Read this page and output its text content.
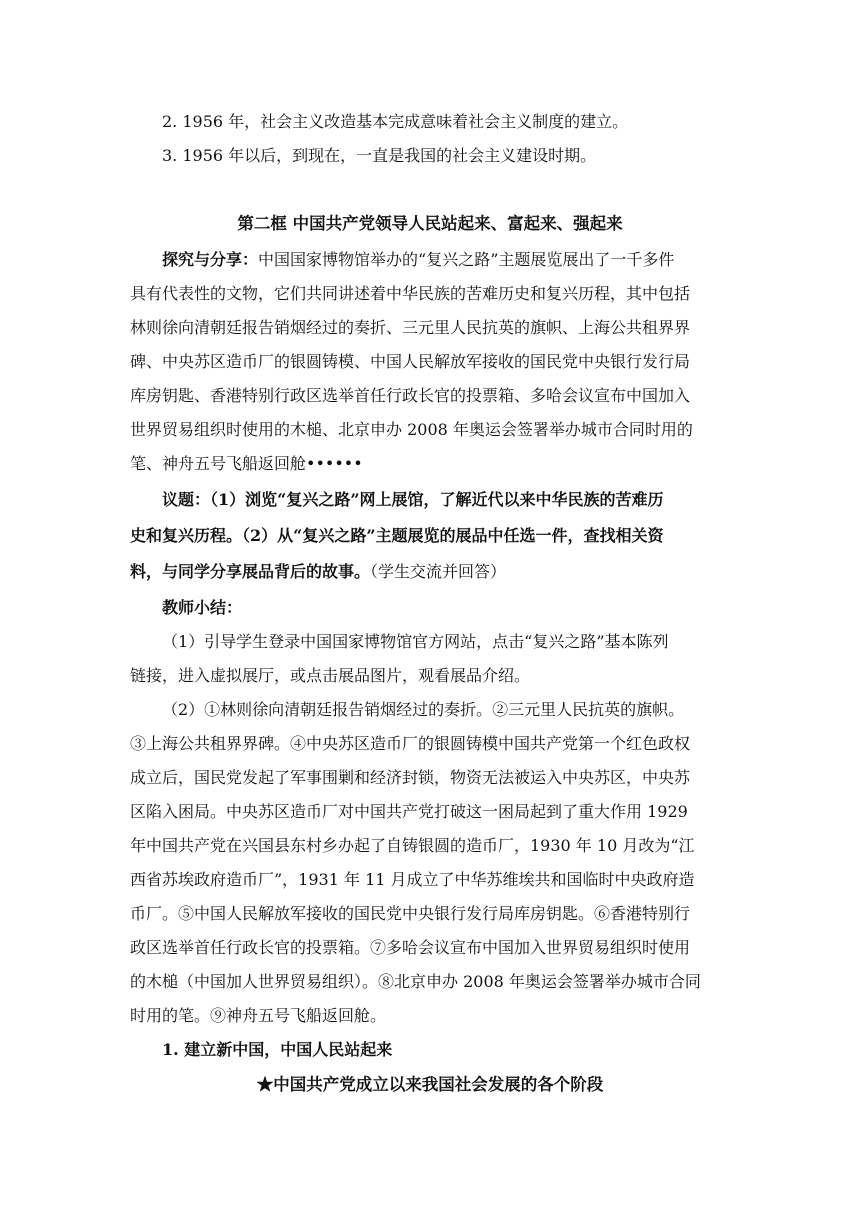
2. 1956 年，社会主义改造基本完成意味着社会主义制度的建立。
3. 1956 年以后，到现在，一直是我国的社会主义建设时期。
第二框 中国共产党领导人民站起来、富起来、强起来
探究与分享：中国国家博物馆举办的“复兴之路”主题展览展出了一千多件
具有代表性的文物，它们共同讲述着中华民族的苦难历史和复兴历程，其中包括
林则徐向清朝廷报告销烟经过的奏折、三元里人民抗英的旗帜、上海公共租界界
碑、中央苏区造币厂的银圆铸模、中国人民解放军接收的国民党中央银行发行局
库房钥匙、香港特别行政区选举首任行政长官的投票箱、多哈会议宣布中国加入
世界贸易组织时使用的木槌、北京申办 2008 年奥运会签署举办城市合同时用的
笔、神舟五号飞船返回舱••••••
议题：（1）浏览“复兴之路”网上展馆，了解近代以来中华民族的苦难历
史和复兴历程。（2）从“复兴之路”主题展览的展品中任选一件，查找相关资
料，与同学分享展品背后的故事。（学生交流并回答）
教师小结：
（1）引导学生登录中国国家博物馆官方网站，点击“复兴之路”基本陈列
链接，进入虚拟展厅，或点击展品图片，观看展品介绍。
（2）①林则徐向清朝廷报告销烟经过的奏折。②三元里人民抗英的旗帜。
③上海公共租界界碑。④中央苏区造币厂的银圆铸模中国共产党第一个红色政权
成立后，国民党发起了军事围剿和经济封锁，物资无法被运入中央苏区，中央苏
区陷入困局。中央苏区造币厂对中国共产党打破这一困局起到了重大作用 1929
年中国共产党在兴国县东村乡办起了自铸银圆的造币厂，1930 年 10 月改为“江
西省苏埃政府造币厂”，1931 年 11 月成立了中华苏维埃共和国临时中央政府造
币厂。⑤中国人民解放军接收的国民党中央银行发行局库房钥匙。⑥香港特别行
政区选举首任行政长官的投票箱。⑦多哈会议宣布中国加入世界贸易组织时使用
的木槌（中国加人世界贸易组织）。⑧北京申办 2008 年奥运会签署举办城市合同
时用的笔。⑨神舟五号飞船返回舱。
1. 建立新中国，中国人民站起来
★中国共产党成立以来我国社会发展的各个阶段
